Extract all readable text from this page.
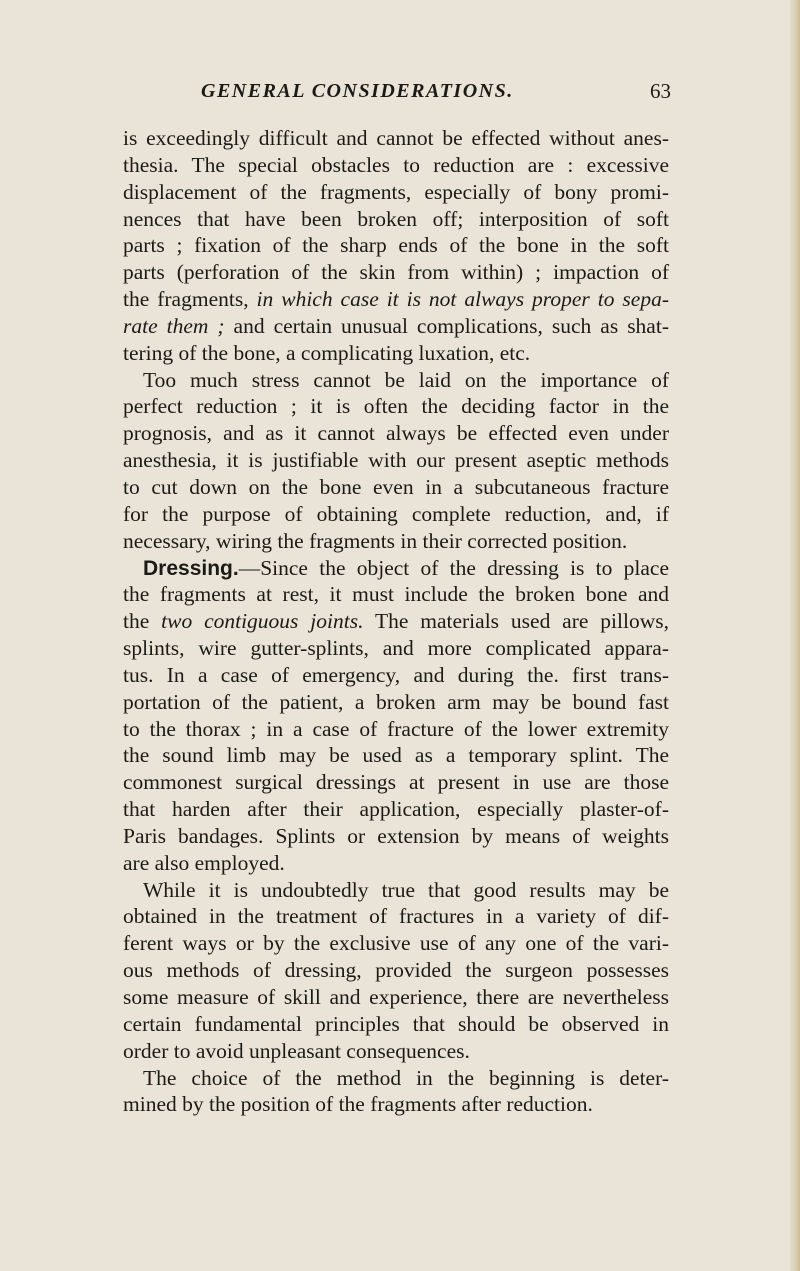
GENERAL CONSIDERATIONS.	63
is exceedingly difficult and cannot be effected without anes-
thesia. The special obstacles to reduction are : excessive
displacement of the fragments, especially of bony promi-
nences that have been broken off; interposition of soft
parts ; fixation of the sharp ends of the bone in the soft
parts (perforation of the skin from within) ; impaction of
the fragments, in which case it is not always proper to sepa-
rate them ; and certain unusual complications, such as shat-
tering of the bone, a complicating luxation, etc.
Too much stress cannot be laid on the importance of
perfect reduction ; it is often the deciding factor in the
prognosis, and as it cannot always be effected even under
anesthesia, it is justifiable with our present aseptic methods
to cut down on the bone even in a subcutaneous fracture
for the purpose of obtaining complete reduction, and, if
necessary, wiring the fragments in their corrected position.
Dressing.—Since the object of the dressing is to place
the fragments at rest, it must include the broken bone and
the two contiguous joints. The materials used are pillows,
splints, wire gutter-splints, and more complicated appara-
tus. In a case of emergency, and during the. first trans-
portation of the patient, a broken arm may be bound fast
to the thorax ; in a case of fracture of the lower extremity
the sound limb may be used as a temporary splint. The
commonest surgical dressings at present in use are those
that harden after their application, especially plaster-of-
Paris bandages. Splints or extension by means of weights
are also employed.
While it is undoubtedly true that good results may be
obtained in the treatment of fractures in a variety of dif-
ferent ways or by the exclusive use of any one of the vari-
ous methods of dressing, provided the surgeon possesses
some measure of skill and experience, there are nevertheless
certain fundamental principles that should be observed in
order to avoid unpleasant consequences.
The choice of the method in the beginning is deter-
mined by the position of the fragments after reduction.
